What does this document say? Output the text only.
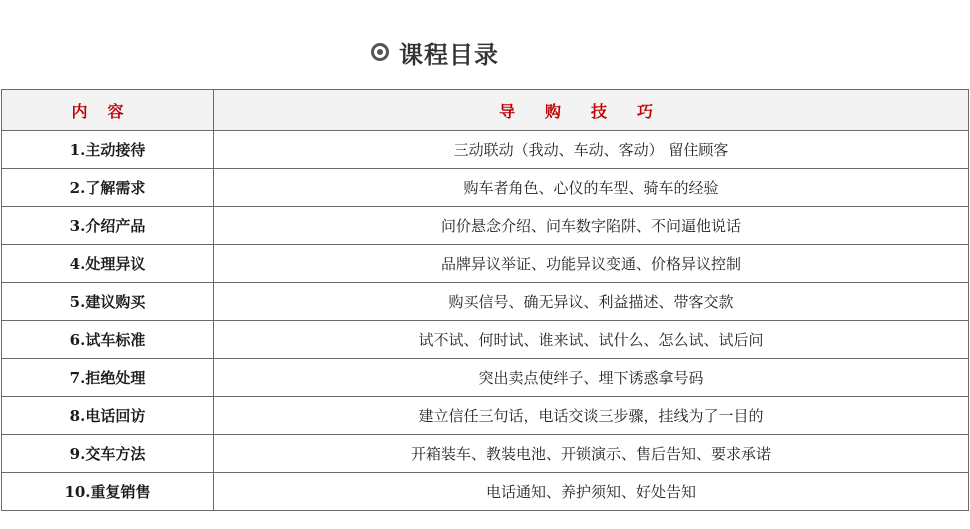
课程目录
内容	导购技巧
1.主动接待	三动联动（我动、车动、客动） 留住顾客
2.了解需求	购车者角色、心仪的车型、骑车的经验
3.介绍产品	问价悬念介绍、问车数字陷阱、不问逼他说话
4.处理异议	品牌异议举证、功能异议变通、价格异议控制
5.建议购买	购买信号、确无异议、利益描述、带客交款
6.试车标准	试不试、何时试、谁来试、试什么、怎么试、试后问
7.拒绝处理	突出卖点使绊子、埋下诱惑拿号码
8.电话回访	建立信任三句话，电话交谈三步骤，挂线为了一目的
9.交车方法	开箱装车、教装电池、开锁演示、售后告知、要求承诺
10.重复销售	电话通知、养护须知、好处告知
